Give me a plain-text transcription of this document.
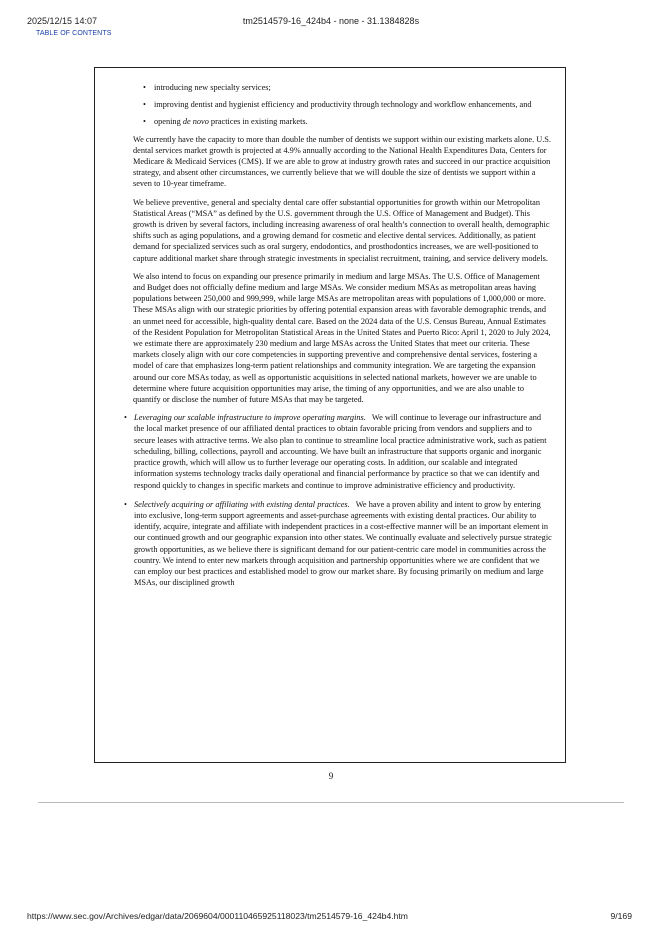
2025/12/15 14:07	tm2514579-16_424b4 - none - 31.1384828s
TABLE OF CONTENTS
• introducing new specialty services;
• improving dentist and hygienist efficiency and productivity through technology and workflow enhancements, and
• opening de novo practices in existing markets.

We currently have the capacity to more than double the number of dentists we support within our existing markets alone. U.S. dental services market growth is projected at 4.9% annually according to the National Health Expenditures Data, Centers for Medicare & Medicaid Services (CMS). If we are able to grow at industry growth rates and succeed in our practice acquisition strategy, and absent other circumstances, we currently believe that we will double the size of dentists we support within a seven to 10-year timeframe.

We believe preventive, general and specialty dental care offer substantial opportunities for growth within our Metropolitan Statistical Areas (“MSA” as defined by the U.S. government through the U.S. Office of Management and Budget). This growth is driven by several factors, including increasing awareness of oral health’s connection to overall health, demographic shifts such as aging populations, and a growing demand for cosmetic and elective dental services. Additionally, as patient demand for specialized services such as oral surgery, endodontics, and prosthodontics increases, we are well-positioned to capture additional market share through strategic investments in specialist recruitment, training, and service delivery models.

We also intend to focus on expanding our presence primarily in medium and large MSAs. The U.S. Office of Management and Budget does not officially define medium and large MSAs. We consider medium MSAs as metropolitan areas having populations between 250,000 and 999,999, while large MSAs are metropolitan areas with populations of 1,000,000 or more. These MSAs align with our strategic priorities by offering potential expansion areas with favorable demographic trends, and an unmet need for accessible, high-quality dental care. Based on the 2024 data of the U.S. Census Bureau, Annual Estimates of the Resident Population for Metropolitan Statistical Areas in the United States and Puerto Rico: April 1, 2020 to July 2024, we estimate there are approximately 230 medium and large MSAs across the United States that meet our criteria. These markets closely align with our core competencies in supporting preventive and comprehensive dental services, fostering a model of care that emphasizes long-term patient relationships and community integration. We are targeting the expansion around our core MSAs today, as well as opportunistic acquisitions in selected national markets, however we are unable to determine where future acquisition opportunities may arise, the timing of any opportunities, and we are also unable to quantify or disclose the number of future MSAs that may be targeted.

• Leveraging our scalable infrastructure to improve operating margins. We will continue to leverage our infrastructure and the local market presence of our affiliated dental practices to obtain favorable pricing from vendors and suppliers and to secure leases with attractive terms. We also plan to continue to streamline local practice administrative work, such as patient scheduling, billing, collections, payroll and accounting. We have built an infrastructure that supports organic and inorganic practice growth, which will allow us to further leverage our operating costs. In addition, our scalable and integrated information systems technology tracks daily operational and financial performance by practice so that we can identify and respond quickly to changes in specific markets and continue to improve administrative efficiency and productivity.
• Selectively acquiring or affiliating with existing dental practices. We have a proven ability and intent to grow by entering into exclusive, long-term support agreements and asset-purchase agreements with existing dental practices. Our ability to identify, acquire, integrate and affiliate with independent practices in a cost-effective manner will be an important element in our continued growth and our geographic expansion into other states. We continually evaluate and selectively pursue strategic growth opportunities, as we believe there is significant demand for our patient-centric care model in communities across the country. We intend to enter new markets through acquisition and partnership opportunities where we are confident that we can employ our best practices and established model to grow our market share. By focusing primarily on medium and large MSAs, our disciplined growth
9
https://www.sec.gov/Archives/edgar/data/2069604/000110465925118023/tm2514579-16_424b4.htm	9/169
